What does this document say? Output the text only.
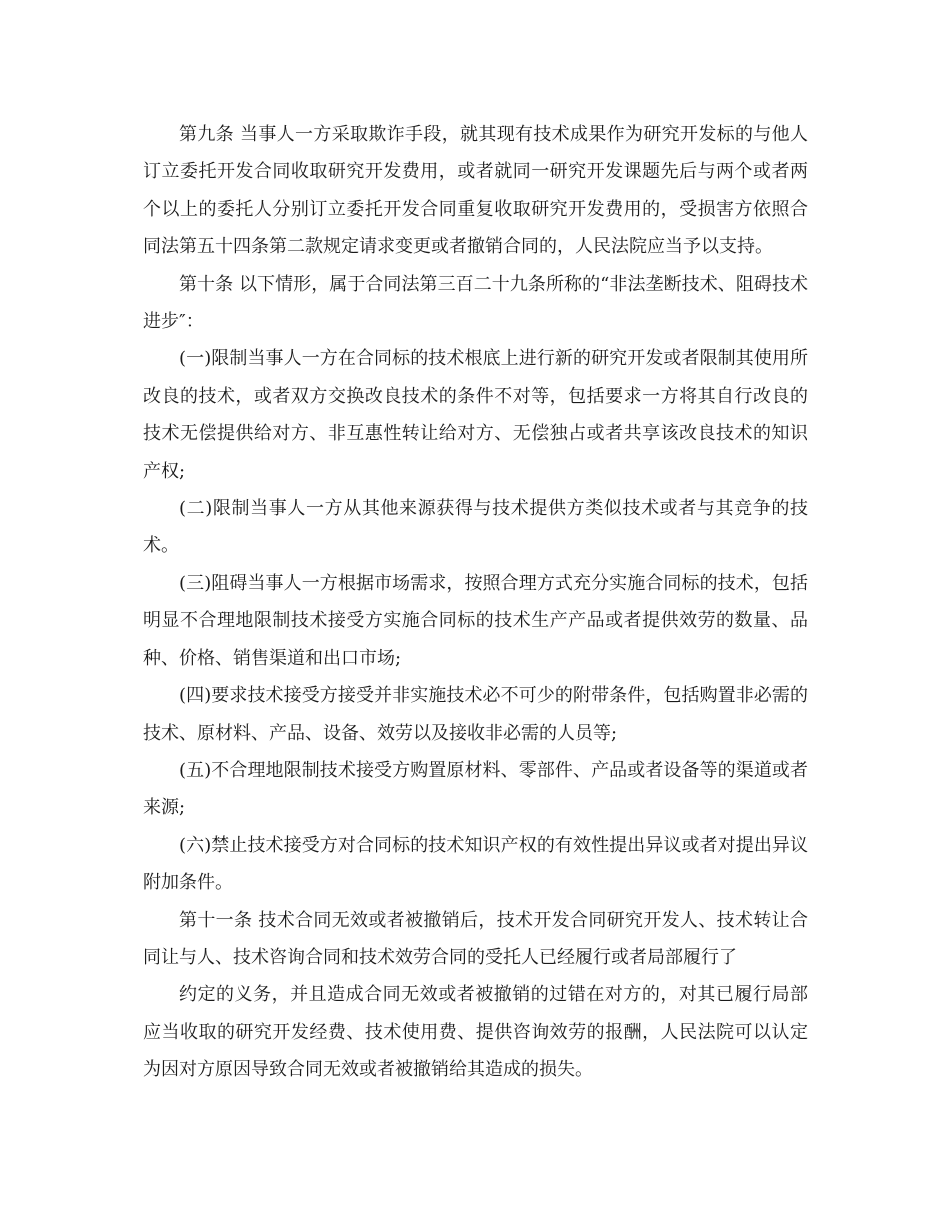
第九条 当事人一方采取欺诈手段，就其现有技术成果作为研究开发标的与他人订立委托开发合同收取研究开发费用，或者就同一研究开发课题先后与两个或者两个以上的委托人分别订立委托开发合同重复收取研究开发费用的，受损害方依照合同法第五十四条第二款规定请求变更或者撤销合同的，人民法院应当予以支持。

第十条 以下情形，属于合同法第三百二十九条所称的“非法垄断技术、阻碍技术进步″：

(一)限制当事人一方在合同标的技术根底上进行新的研究开发或者限制其使用所改良的技术，或者双方交换改良技术的条件不对等，包括要求一方将其自行改良的技术无偿提供给对方、非互惠性转让给对方、无偿独占或者共享该改良技术的知识产权;

(二)限制当事人一方从其他来源获得与技术提供方类似技术或者与其竞争的技术。

(三)阻碍当事人一方根据市场需求，按照合理方式充分实施合同标的技术，包括明显不合理地限制技术接受方实施合同标的技术生产产品或者提供效劳的数量、品种、价格、销售渠道和出口市场;

(四)要求技术接受方接受并非实施技术必不可少的附带条件，包括购置非必需的技术、原材料、产品、设备、效劳以及接收非必需的人员等;

(五)不合理地限制技术接受方购置原材料、零部件、产品或者设备等的渠道或者来源;

(六)禁止技术接受方对合同标的技术知识产权的有效性提出异议或者对提出异议附加条件。

第十一条 技术合同无效或者被撤销后，技术开发合同研究开发人、技术转让合同让与人、技术咨询合同和技术效劳合同的受托人已经履行或者局部履行了

约定的义务，并且造成合同无效或者被撤销的过错在对方的，对其已履行局部应当收取的研究开发经费、技术使用费、提供咨询效劳的报酬，人民法院可以认定为因对方原因导致合同无效或者被撤销给其造成的损失。
